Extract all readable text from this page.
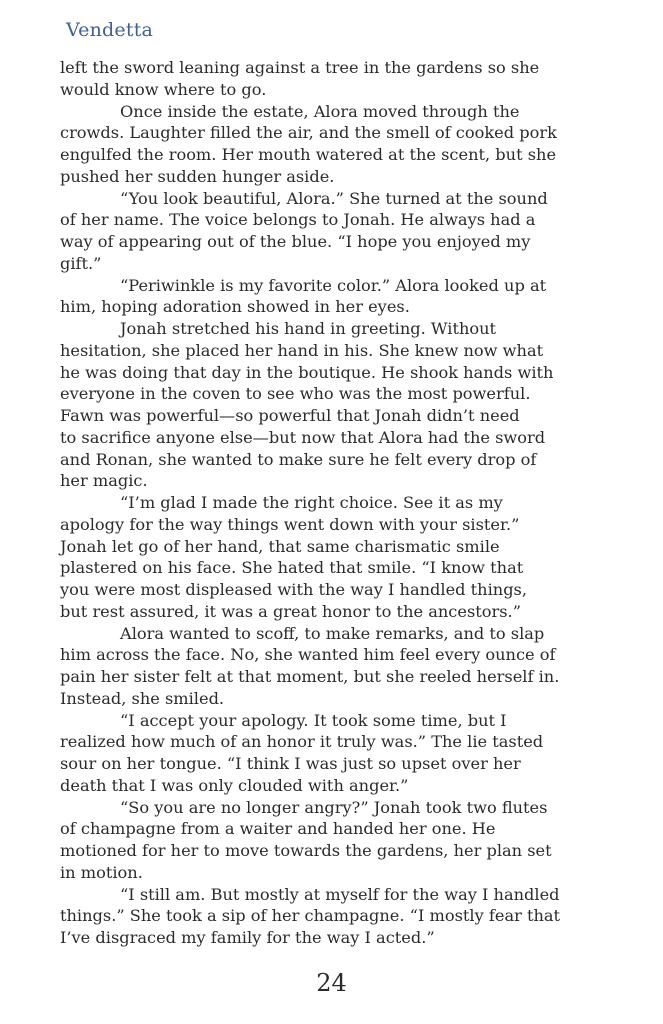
Vendetta

left the sword leaning against a tree in the gardens so she
would know where to go.

Once inside the estate, Alora moved through the
crowds. Laughter filled the air, and the smell of cooked pork
engulfed the room. Her mouth watered at the scent, but she
pushed her sudden hunger aside.

“You look beautiful, Alora.” She turned at the sound
of her name. The voice belongs to Jonah. He always had a
way of appearing out of the blue. “I hope you enjoyed my
gift.”

“Periwinkle is my favorite color.” Alora looked up at
him, hoping adoration showed in her eyes.

Jonah stretched his hand in greeting. Without
hesitation, she placed her hand in his. She knew now what
he was doing that day in the boutique. He shook hands with
everyone in the coven to see who was the most powerful.
Fawn was powerful—so powerful that Jonah didn’t need
to sacrifice anyone else—but now that Alora had the sword
and Ronan, she wanted to make sure he felt every drop of
her magic.

“I’m glad I made the right choice. See it as my
apology for the way things went down with your sister.”
Jonah let go of her hand, that same charismatic smile
plastered on his face. She hated that smile. “I know that
you were most displeased with the way I handled things,
but rest assured, it was a great honor to the ancestors.”

Alora wanted to scoff, to make remarks, and to slap
him across the face. No, she wanted him feel every ounce of
pain her sister felt at that moment, but she reeled herself in.
Instead, she smiled.

“I accept your apology. It took some time, but I
realized how much of an honor it truly was.” The lie tasted
sour on her tongue. “I think I was just so upset over her
death that I was only clouded with anger.”

“So you are no longer angry?” Jonah took two flutes
of champagne from a waiter and handed her one. He
motioned for her to move towards the gardens, her plan set
in motion.

“I still am. But mostly at myself for the way I handled
things.” She took a sip of her champagne. “I mostly fear that
I’ve disgraced my family for the way I acted.”

24
